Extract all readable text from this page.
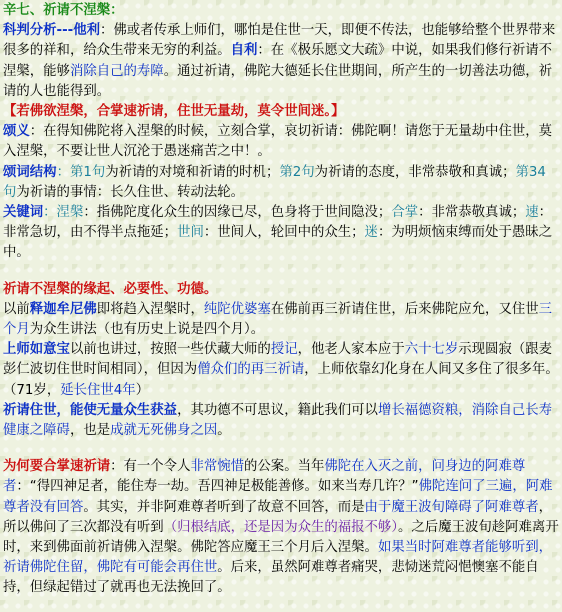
辛七、祈请不涅槃：

科判分析---他利：佛或者传承上师们，哪怕是住世一天，即便不传法，也能够给整个世界带来很多的祥和，给众生带来无穷的利益。自利：在《极乐愿文大疏》中说，如果我们修行祈请不涅槃，能够消除自己的寿障。通过祈请，佛陀大德延长住世期间，所产生的一切善法功德，祈请的人也能得到。

【若佛欲涅槃，合掌速祈请，住世无量劫，莫令世间迷。】

颂义：在得知佛陀将入涅槃的时候，立刻合掌，哀切祈请：佛陀啊！请您于无量劫中住世，莫入涅槃，不要让世人沉沦于愚迷痛苦之中！。

颂词结构：第1句为祈请的对境和祈请的时机；第2句为祈请的态度，非常恭敬和真诚；第34句为祈请的事情：长久住世、转动法轮。

关键词：涅槃：指佛陀度化众生的因缘已尽，色身将于世间隐没；合掌：非常恭敬真诚；速：非常急切，由不得半点拖延；世间：世间人，轮回中的众生；迷：为明烦恼束缚而处于愚昧之中。

祈请不涅槃的缘起、必要性、功德。

以前释迦牟尼佛即将趋入涅槃时，纯陀优婆塞在佛前再三祈请住世，后来佛陀应允，又住世三个月为众生讲法（也有历史上说是四个月）。

上师如意宝以前也讲过，按照一些伏藏大师的授记，他老人家本应于六十七岁示现圆寂（跟麦彭仁波切住世时间相同），但因为僧众们的再三祈请，上师依靠幻化身在人间又多住了很多年。（71岁，延长住世4年）

祈请住世，能使无量众生获益，其功德不可思议，籍此我们可以增长福德资粮，消除自己长寿健康之障碍，也是成就无死佛身之因。

为何要合掌速祈请：有一个令人非常惋惜的公案。当年佛陀在入灭之前，问身边的阿难尊者：“得四神足者，能住寿一劫。吾四神足极能善修。如来当寿几许？”佛陀连问了三遍，阿难尊者没有回答。其实，并非阿难尊者听到了故意不回答，而是由于魔王波旬障碍了阿难尊者，所以佛问了三次都没有听到（归根结底，还是因为众生的福报不够）。之后魔王波旬趁阿难离开时，来到佛面前祈请佛入涅槃。佛陀答应魔王三个月后入涅槃。如果当时阿难尊者能够听到，祈请佛陀住留，佛陀有可能会再住世。后来，虽然阿难尊者痛哭，悲恸迷荒闷悒懊塞不能自持，但绿起错过了就再也无法挽回了。
